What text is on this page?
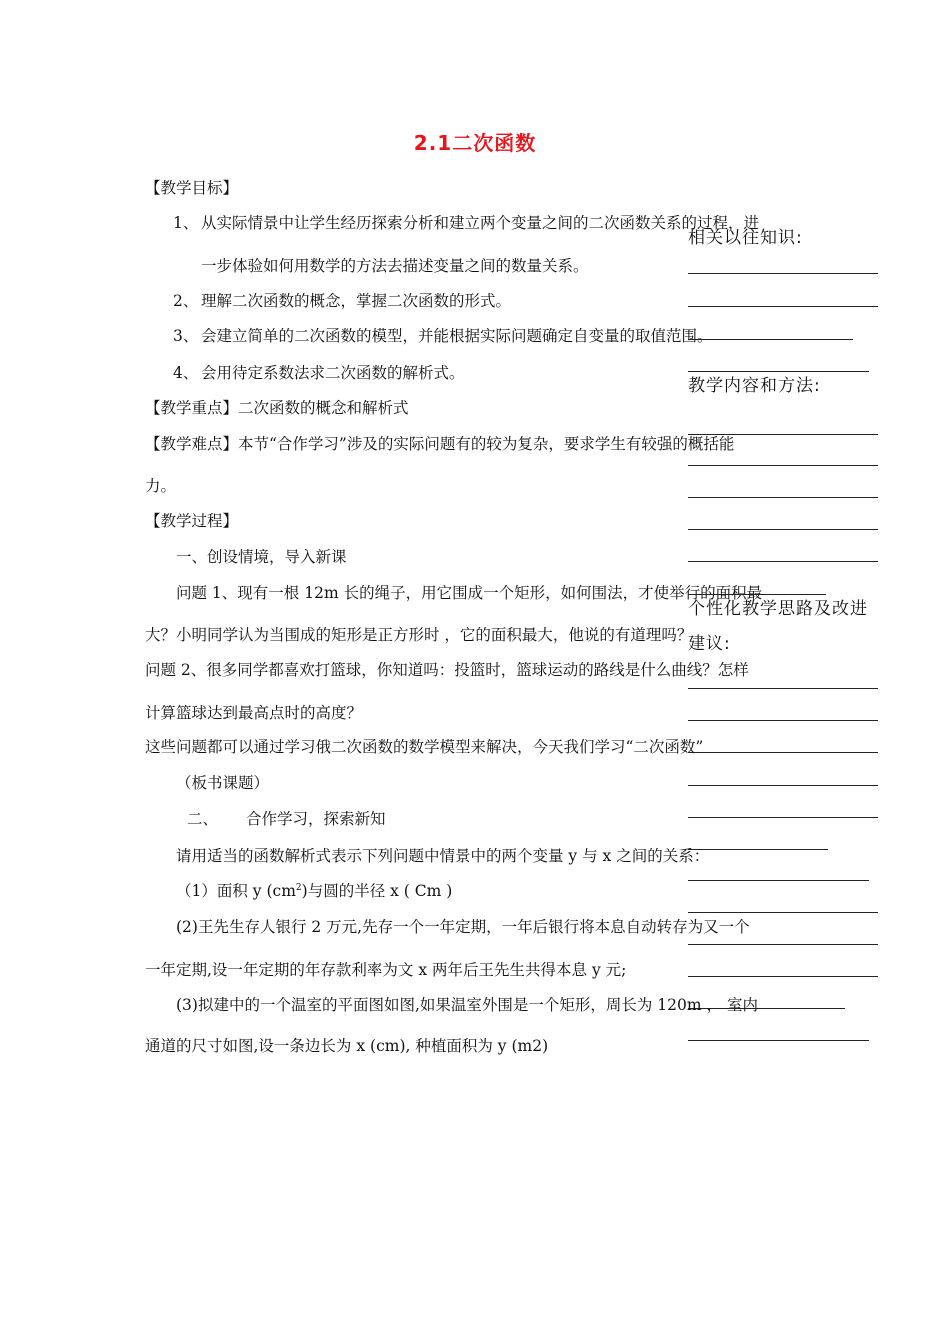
2.1二次函数
【教学目标】
1、 从实际情景中让学生经历探索分析和建立两个变量之间的二次函数关系的过程，进
一步体验如何用数学的方法去描述变量之间的数量关系。
2、 理解二次函数的概念，掌握二次函数的形式。
3、 会建立简单的二次函数的模型，并能根据实际问题确定自变量的取值范围。
4、 会用待定系数法求二次函数的解析式。
【教学重点】二次函数的概念和解析式
【教学难点】本节“合作学习”涉及的实际问题有的较为复杂，要求学生有较强的概括能
力。
【教学过程】
一、创设情境，导入新课
问题 1、现有一根 12m 长的绳子，用它围成一个矩形，如何围法，才使举行的面积最
大？小明同学认为当围成的矩形是正方形时 ，它的面积最大，他说的有道理吗？
问题 2、很多同学都喜欢打篮球，你知道吗：投篮时，篮球运动的路线是什么曲线？怎样
计算篮球达到最高点时的高度？
这些问题都可以通过学习俄二次函数的数学模型来解决，今天我们学习“二次函数”
（板书课题）
二、 合作学习，探索新知
请用适当的函数解析式表示下列问题中情景中的两个变量 y 与 x 之间的关系：
（1）面积 y $(cm^2)$与圆的半径 x ( Cm )
(2)王先生存人银行 2 万元,先存一个一年定期，一年后银行将本息自动转存为又一个
一年定期,设一年定期的年存款利率为文 x 两年后王先生共得本息 y 元;
(3)拟建中的一个温室的平面图如图,如果温室外围是一个矩形，周长为 120m ， 室内
通道的尺寸如图,设一条边长为 x (cm), 种植面积为 y (m2)
相关以往知识:
教学内容和方法:
个性化教学思路及改进
建议:
